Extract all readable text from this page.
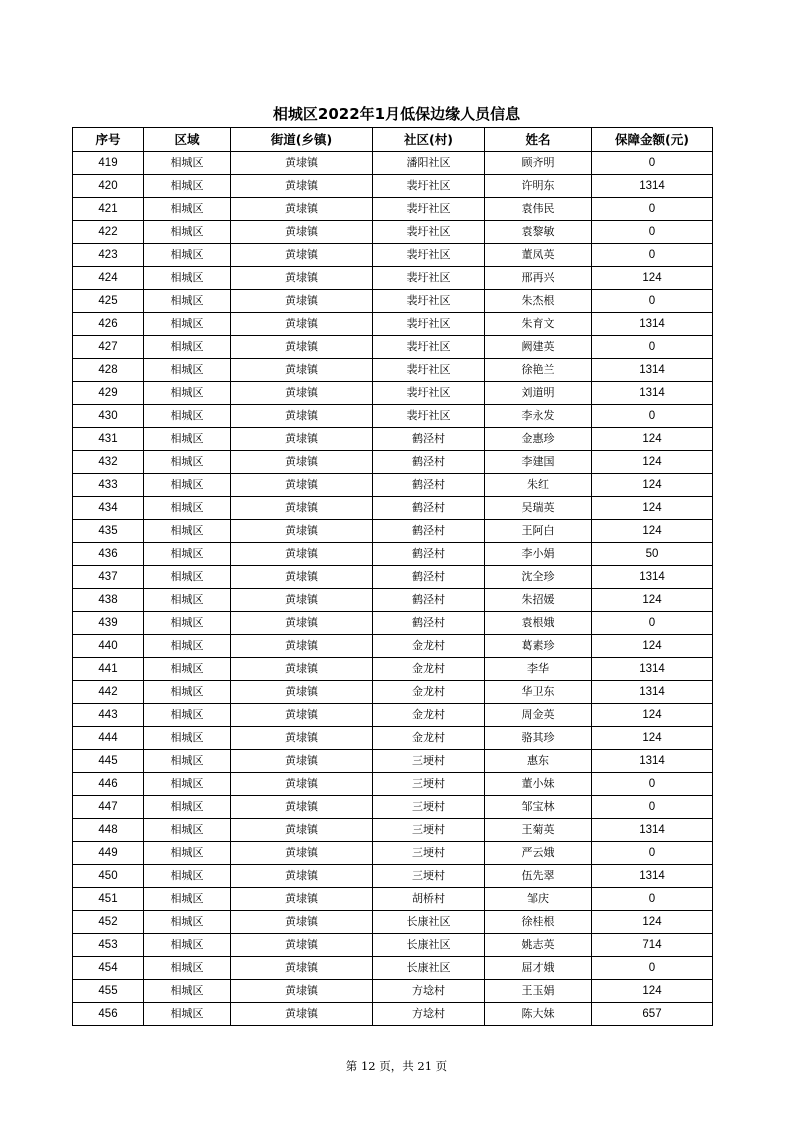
相城区2022年1月低保边缘人员信息
序号	区域	街道(乡镇)	社区(村)	姓名	保障金额(元)
419	相城区	黄埭镇	潘阳社区	顾齐明	0
420	相城区	黄埭镇	裴圩社区	许明东	1314
421	相城区	黄埭镇	裴圩社区	袁伟民	0
422	相城区	黄埭镇	裴圩社区	袁黎敏	0
423	相城区	黄埭镇	裴圩社区	董凤英	0
424	相城区	黄埭镇	裴圩社区	邢再兴	124
425	相城区	黄埭镇	裴圩社区	朱杰根	0
426	相城区	黄埭镇	裴圩社区	朱育文	1314
427	相城区	黄埭镇	裴圩社区	阙建英	0
428	相城区	黄埭镇	裴圩社区	徐艳兰	1314
429	相城区	黄埭镇	裴圩社区	刘道明	1314
430	相城区	黄埭镇	裴圩社区	李永发	0
431	相城区	黄埭镇	鹤泾村	金惠珍	124
432	相城区	黄埭镇	鹤泾村	李建国	124
433	相城区	黄埭镇	鹤泾村	朱红	124
434	相城区	黄埭镇	鹤泾村	吴瑞英	124
435	相城区	黄埭镇	鹤泾村	王阿白	124
436	相城区	黄埭镇	鹤泾村	李小娟	50
437	相城区	黄埭镇	鹤泾村	沈全珍	1314
438	相城区	黄埭镇	鹤泾村	朱招媛	124
439	相城区	黄埭镇	鹤泾村	袁根娥	0
440	相城区	黄埭镇	金龙村	葛素珍	124
441	相城区	黄埭镇	金龙村	李华	1314
442	相城区	黄埭镇	金龙村	华卫东	1314
443	相城区	黄埭镇	金龙村	周金英	124
444	相城区	黄埭镇	金龙村	骆其珍	124
445	相城区	黄埭镇	三埂村	惠东	1314
446	相城区	黄埭镇	三埂村	董小妹	0
447	相城区	黄埭镇	三埂村	邹宝林	0
448	相城区	黄埭镇	三埂村	王菊英	1314
449	相城区	黄埭镇	三埂村	严云娥	0
450	相城区	黄埭镇	三埂村	伍先翠	1314
451	相城区	黄埭镇	胡桥村	邹庆	0
452	相城区	黄埭镇	长康社区	徐桂根	124
453	相城区	黄埭镇	长康社区	姚志英	714
454	相城区	黄埭镇	长康社区	屈才娥	0
455	相城区	黄埭镇	方埝村	王玉娟	124
456	相城区	黄埭镇	方埝村	陈大妹	657
第 12 页，共 21 页
